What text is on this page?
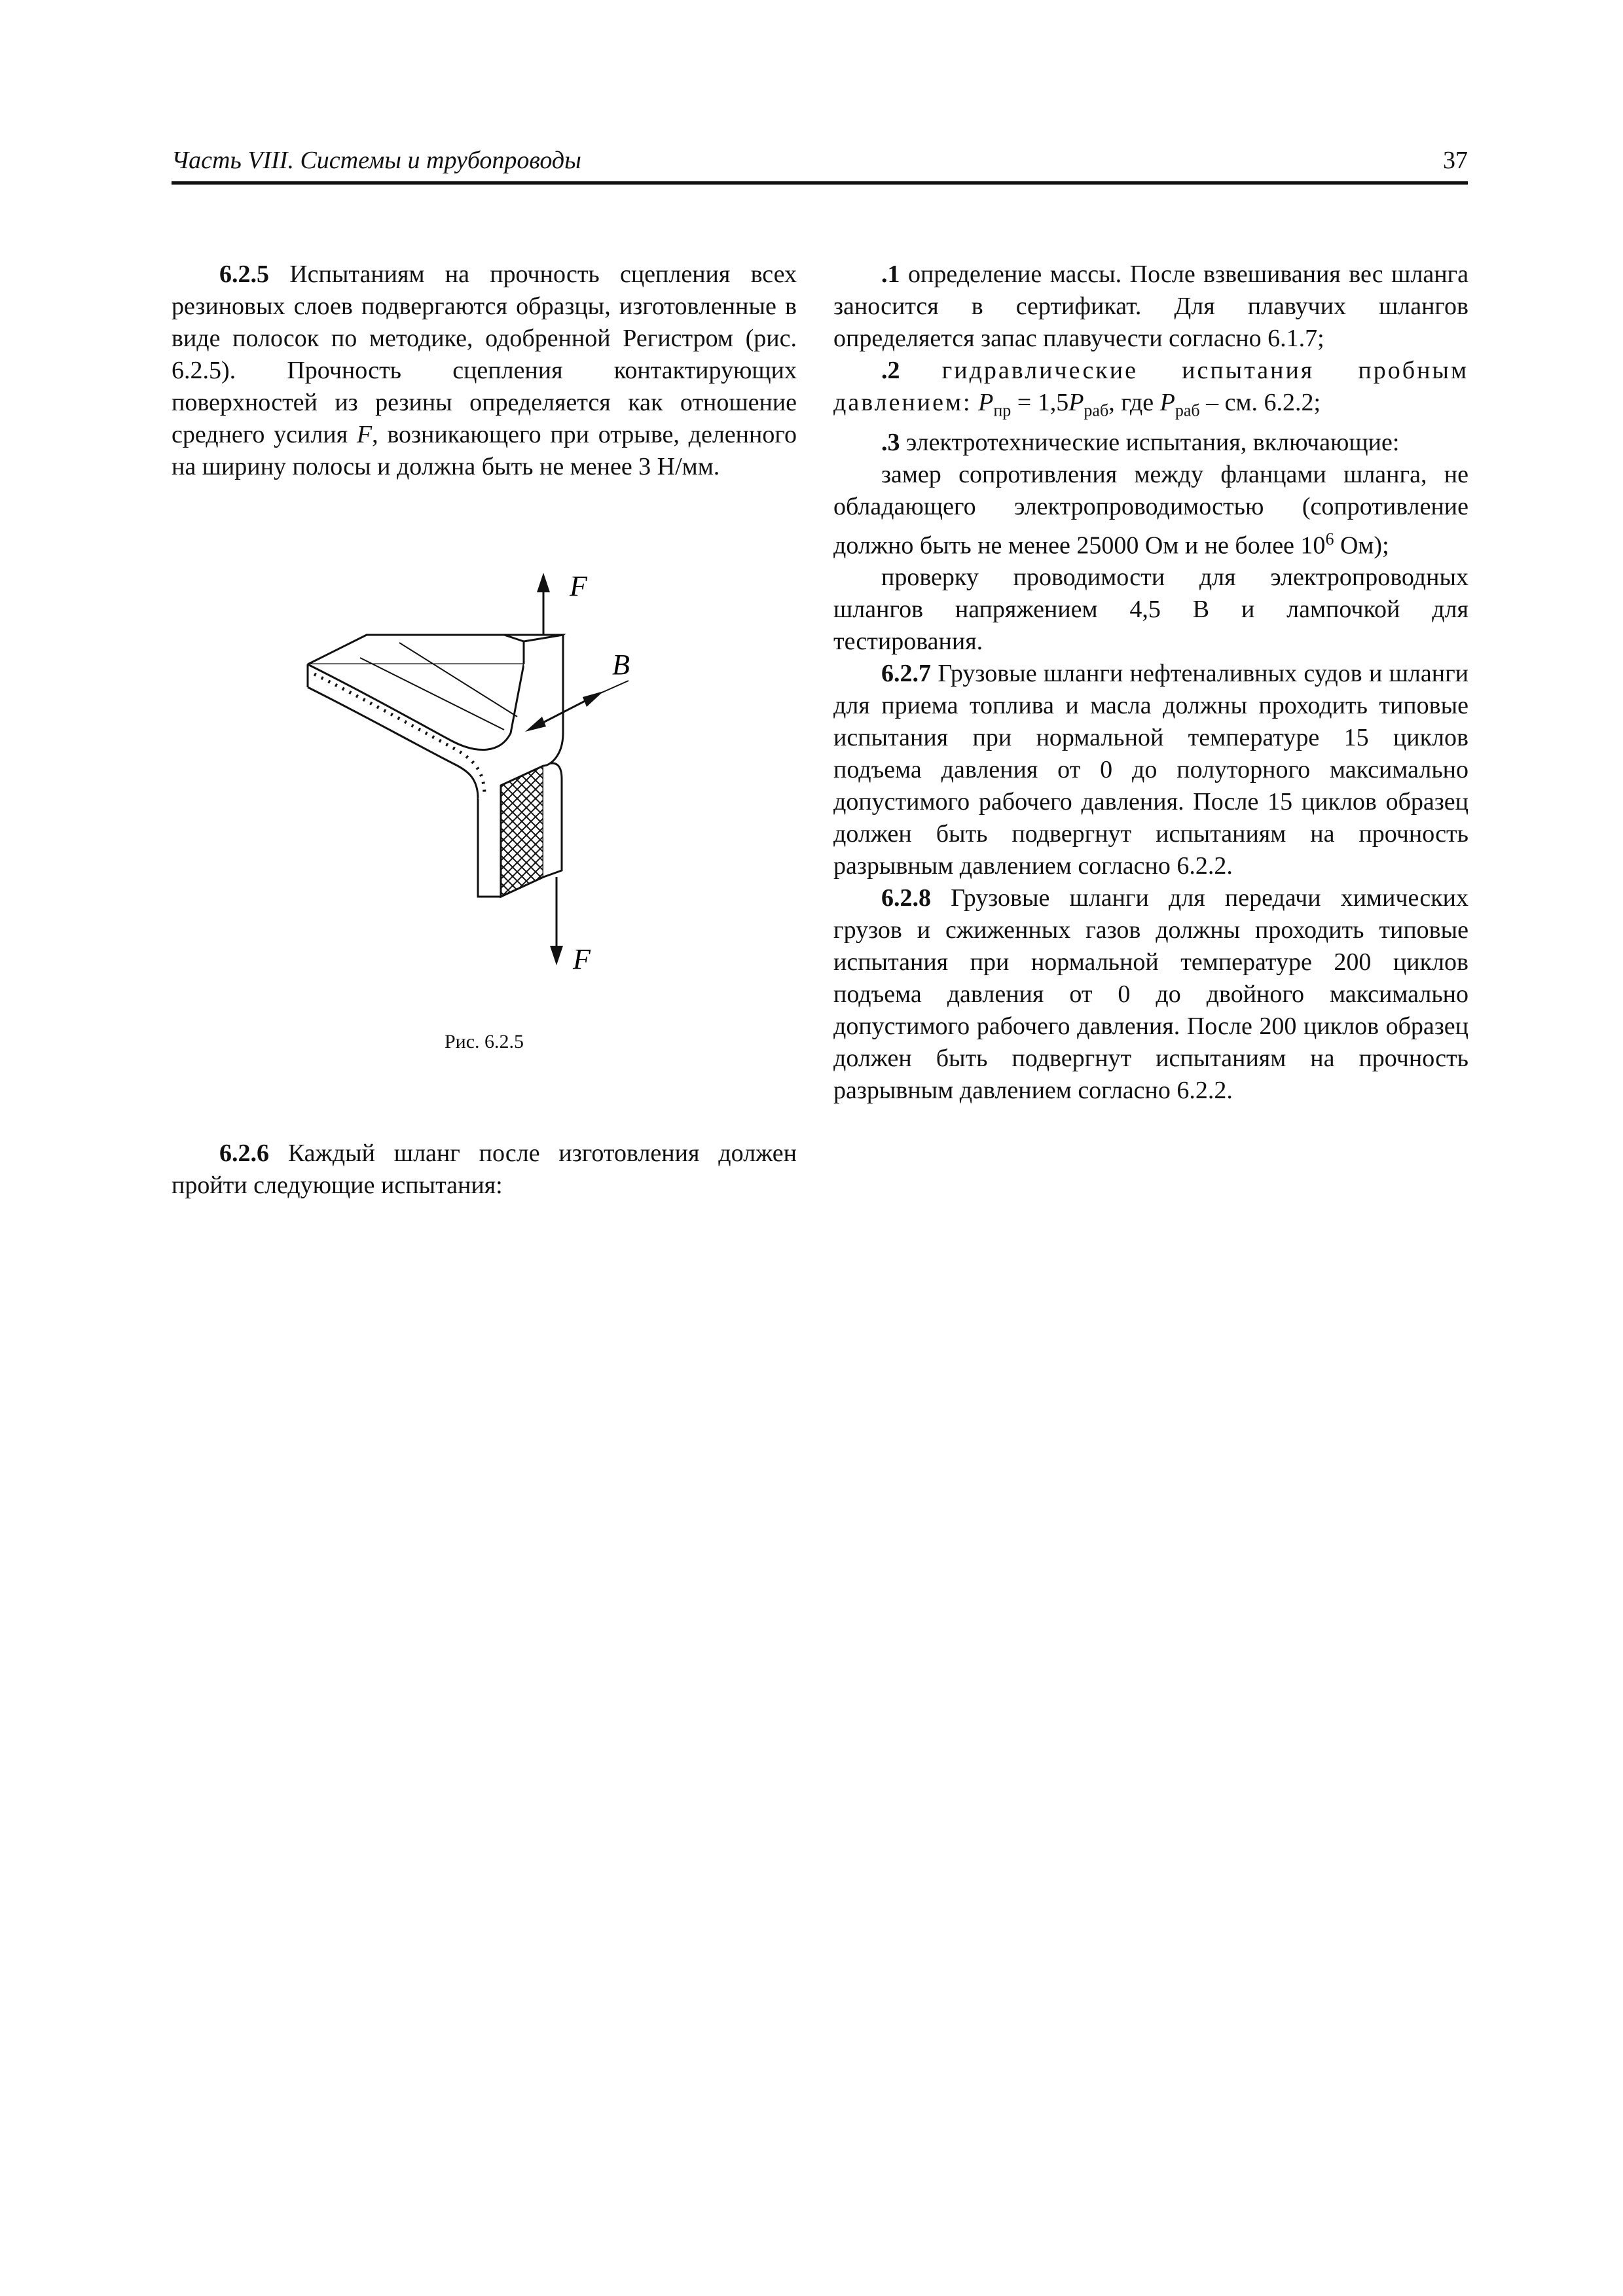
Часть VIII. Системы и трубопроводы	37

6.2.5 Испытаниям на прочность сцепления всех резиновых слоев подвергаются образцы, изготовленные в виде полосок по методике, одобренной Регистром (рис. 6.2.5). Прочность сцепления контактирующих поверхностей из резины определяется как отношение среднего усилия F, возникающего при отрыве, деленного на ширину полосы и должна быть не менее 3 Н/мм.

F
B
F
Рис. 6.2.5

6.2.6 Каждый шланг после изготовления должен пройти следующие испытания:

.1 определение массы. После взвешивания вес шланга заносится в сертификат. Для плавучих шлангов определяется запас плавучести согласно 6.1.7;

.2 гидравлические испытания пробным давлением: $P_{пр} = 1,5P_{раб}$, где $P_{раб}$ – см. 6.2.2;

.3 электротехнические испытания, включающие:

замер сопротивления между фланцами шланга, не обладающего электропроводимостью (сопротивление должно быть не менее 25000 Ом и не более $10^6$ Ом);

проверку проводимости для электропроводных шлангов напряжением 4,5 В и лампочкой для тестирования.

6.2.7 Грузовые шланги нефтеналивных судов и шланги для приема топлива и масла должны проходить типовые испытания при нормальной температуре 15 циклов подъема давления от 0 до полуторного максимально допустимого рабочего давления. После 15 циклов образец должен быть подвергнут испытаниям на прочность разрывным давлением согласно 6.2.2.

6.2.8 Грузовые шланги для передачи химических грузов и сжиженных газов должны проходить типовые испытания при нормальной температуре 200 циклов подъема давления от 0 до двойного максимально допустимого рабочего давления. После 200 циклов образец должен быть подвергнут испытаниям на прочность разрывным давлением согласно 6.2.2.
